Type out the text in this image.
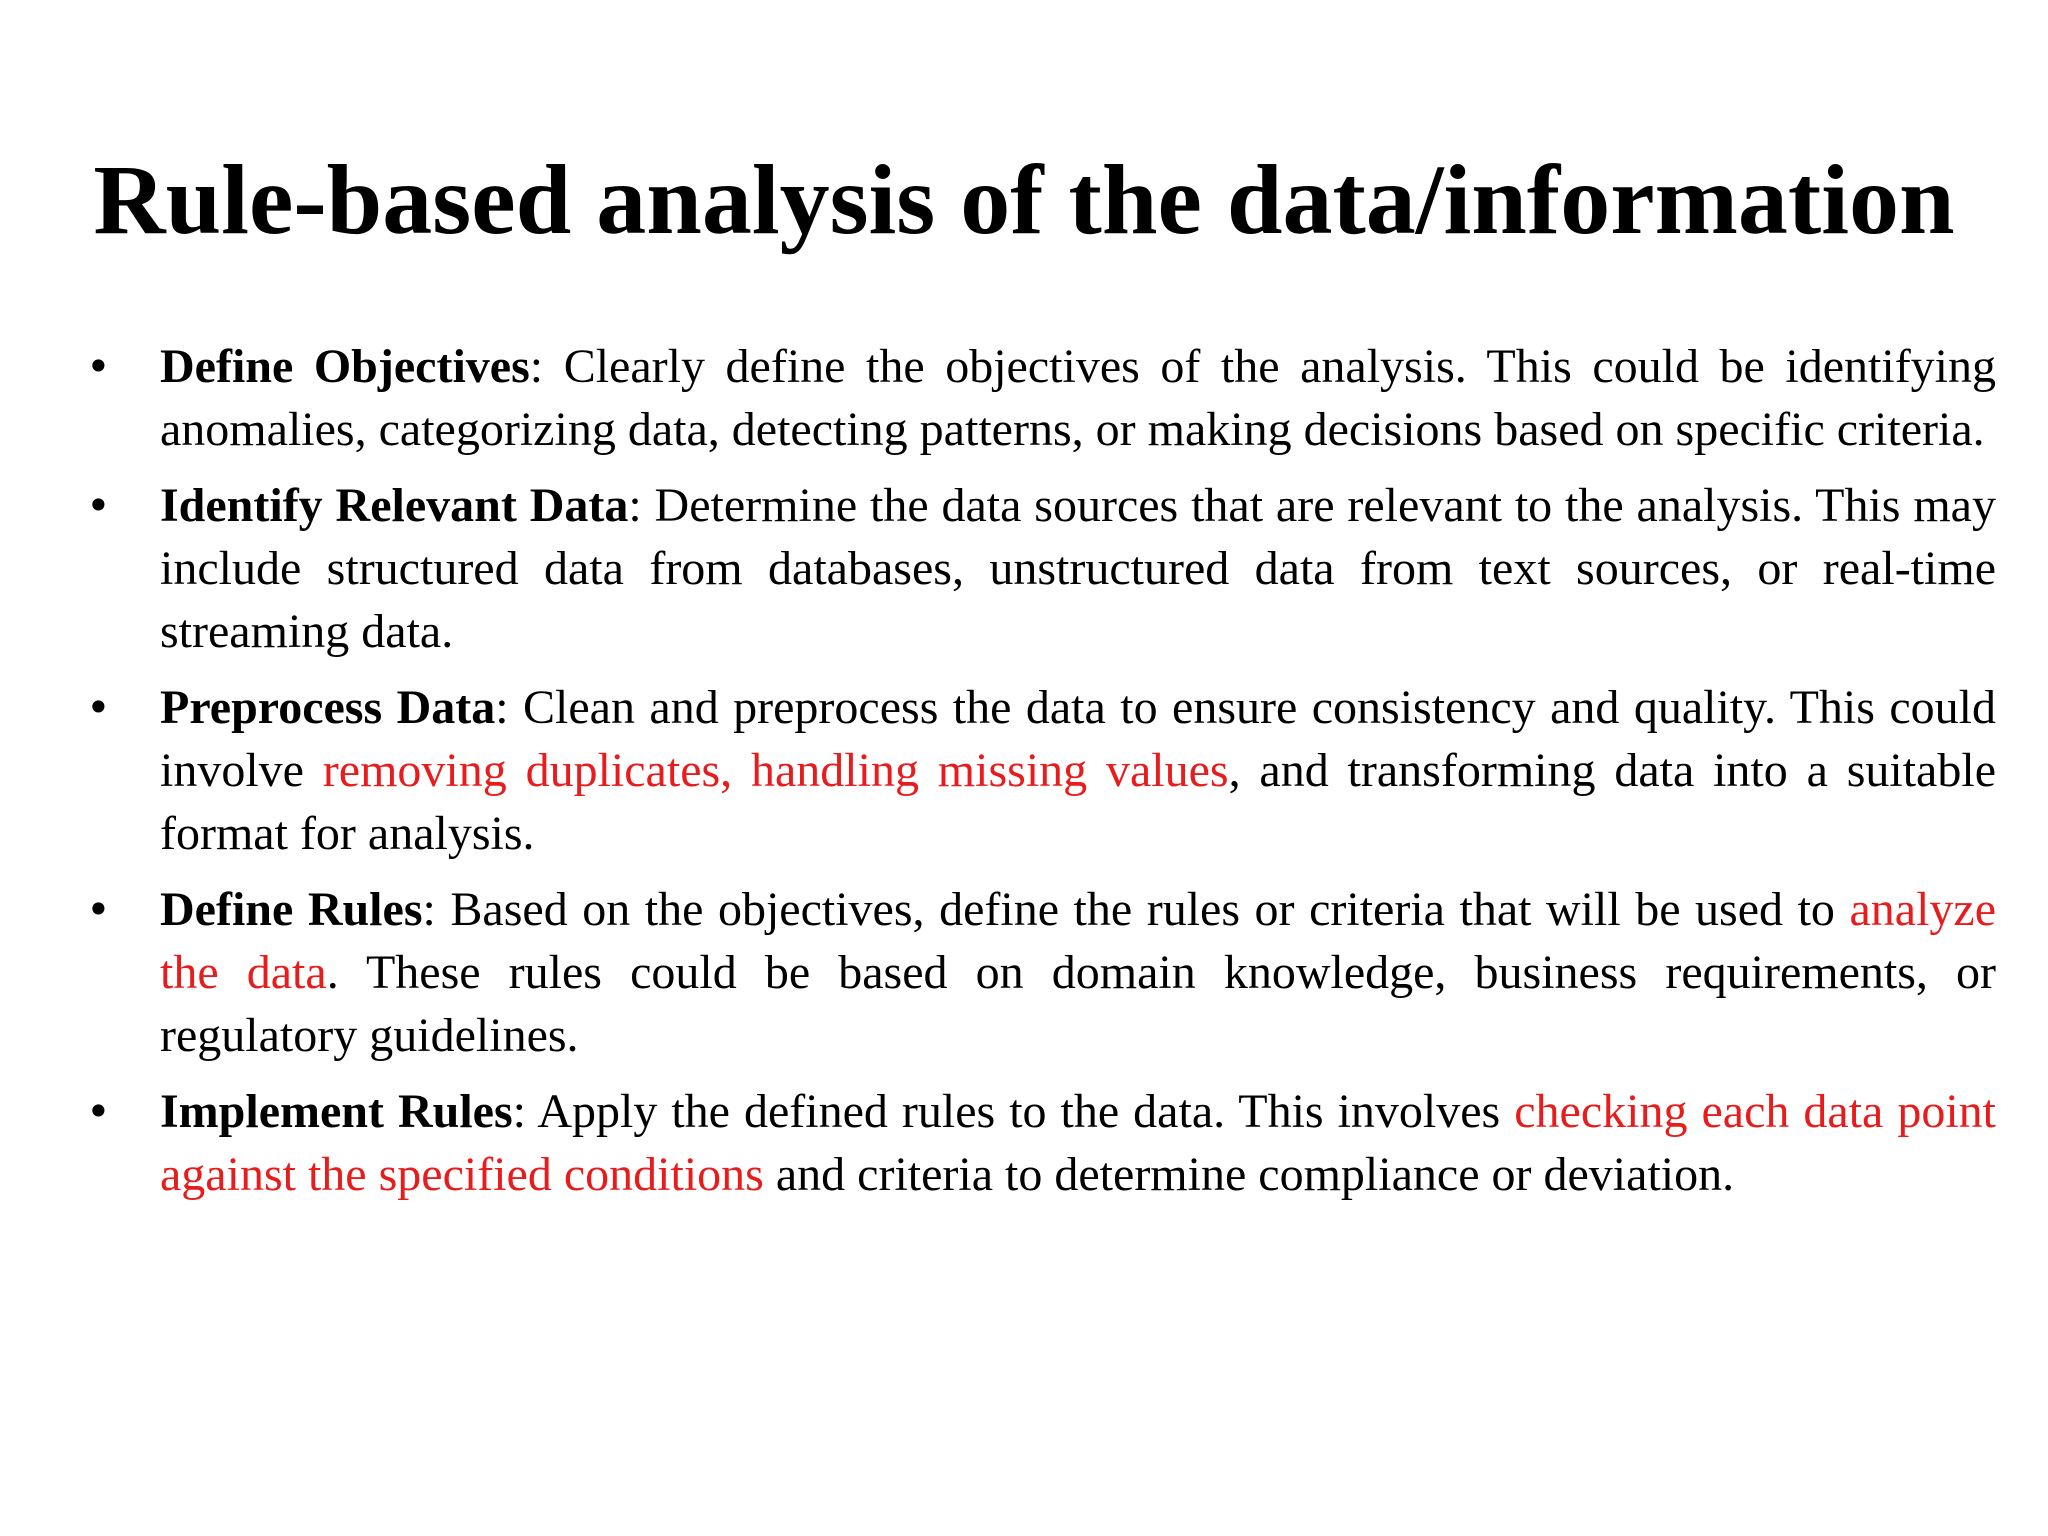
Rule-based analysis of the data/information
• Define Objectives: Clearly define the objectives of the analysis. This could be identifying anomalies, categorizing data, detecting patterns, or making decisions based on specific criteria.
• Identify Relevant Data: Determine the data sources that are relevant to the analysis. This may include structured data from databases, unstructured data from text sources, or real-time streaming data.
• Preprocess Data: Clean and preprocess the data to ensure consistency and quality. This could involve removing duplicates, handling missing values, and transforming data into a suitable format for analysis.
• Define Rules: Based on the objectives, define the rules or criteria that will be used to analyze the data. These rules could be based on domain knowledge, business requirements, or regulatory guidelines.
• Implement Rules: Apply the defined rules to the data. This involves checking each data point against the specified conditions and criteria to determine compliance or deviation.
